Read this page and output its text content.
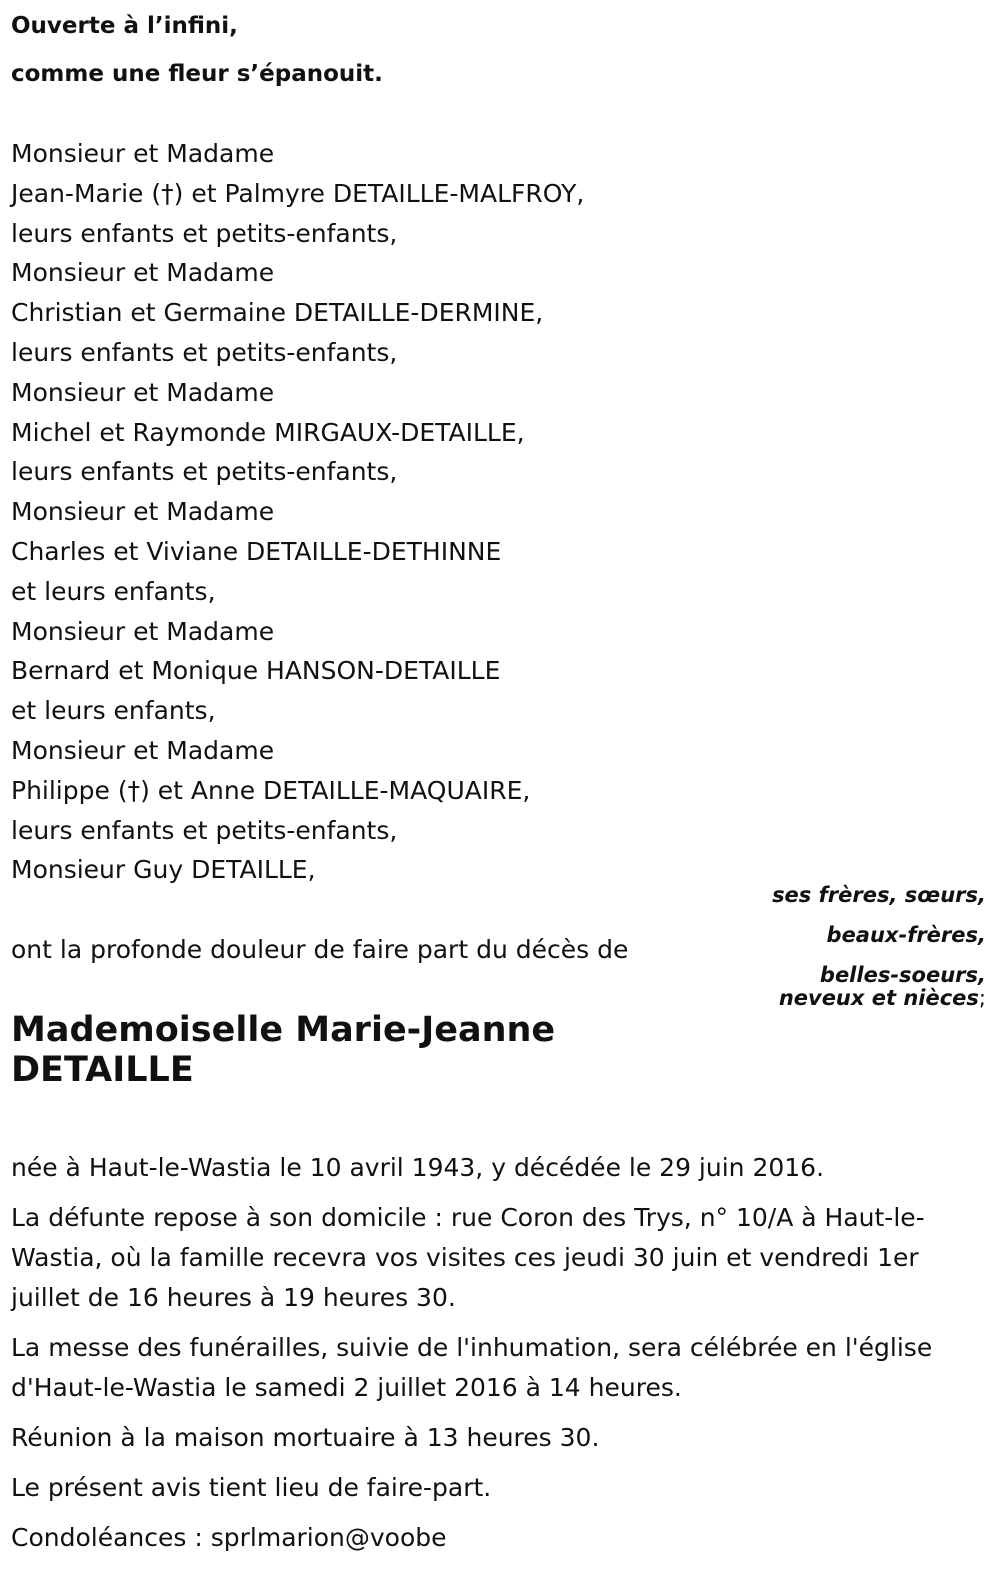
Ouverte à l’infini,
comme une fleur s’épanouit.
Monsieur et Madame
Jean-Marie (†) et Palmyre DETAILLE-MALFROY,
leurs enfants et petits-enfants,
Monsieur et Madame
Christian et Germaine DETAILLE-DERMINE,
leurs enfants et petits-enfants,
Monsieur et Madame
Michel et Raymonde MIRGAUX-DETAILLE,
leurs enfants et petits-enfants,
Monsieur et Madame
Charles et Viviane DETAILLE-DETHINNE
et leurs enfants,
Monsieur et Madame
Bernard et Monique HANSON-DETAILLE
et leurs enfants,
Monsieur et Madame
Philippe (†) et Anne DETAILLE-MAQUAIRE,
leurs enfants et petits-enfants,
Monsieur Guy DETAILLE,
ses frères, sœurs,
beaux-frères,
belles-soeurs,
neveux et nièces;
ont la profonde douleur de faire part du décès de
Mademoiselle Marie-Jeanne
DETAILLE

née à Haut-le-Wastia le 10 avril 1943, y décédée le 29 juin 2016.

La défunte repose à son domicile : rue Coron des Trys, n° 10/A à Haut-le-Wastia, où la famille recevra vos visites ces jeudi 30 juin et vendredi 1er juillet de 16 heures à 19 heures 30.

La messe des funérailles, suivie de l'inhumation, sera célébrée en l'église d'Haut-le-Wastia le samedi 2 juillet 2016 à 14 heures.

Réunion à la maison mortuaire à 13 heures 30.

Le présent avis tient lieu de faire-part.

Condoléances : sprlmarion@voobe
